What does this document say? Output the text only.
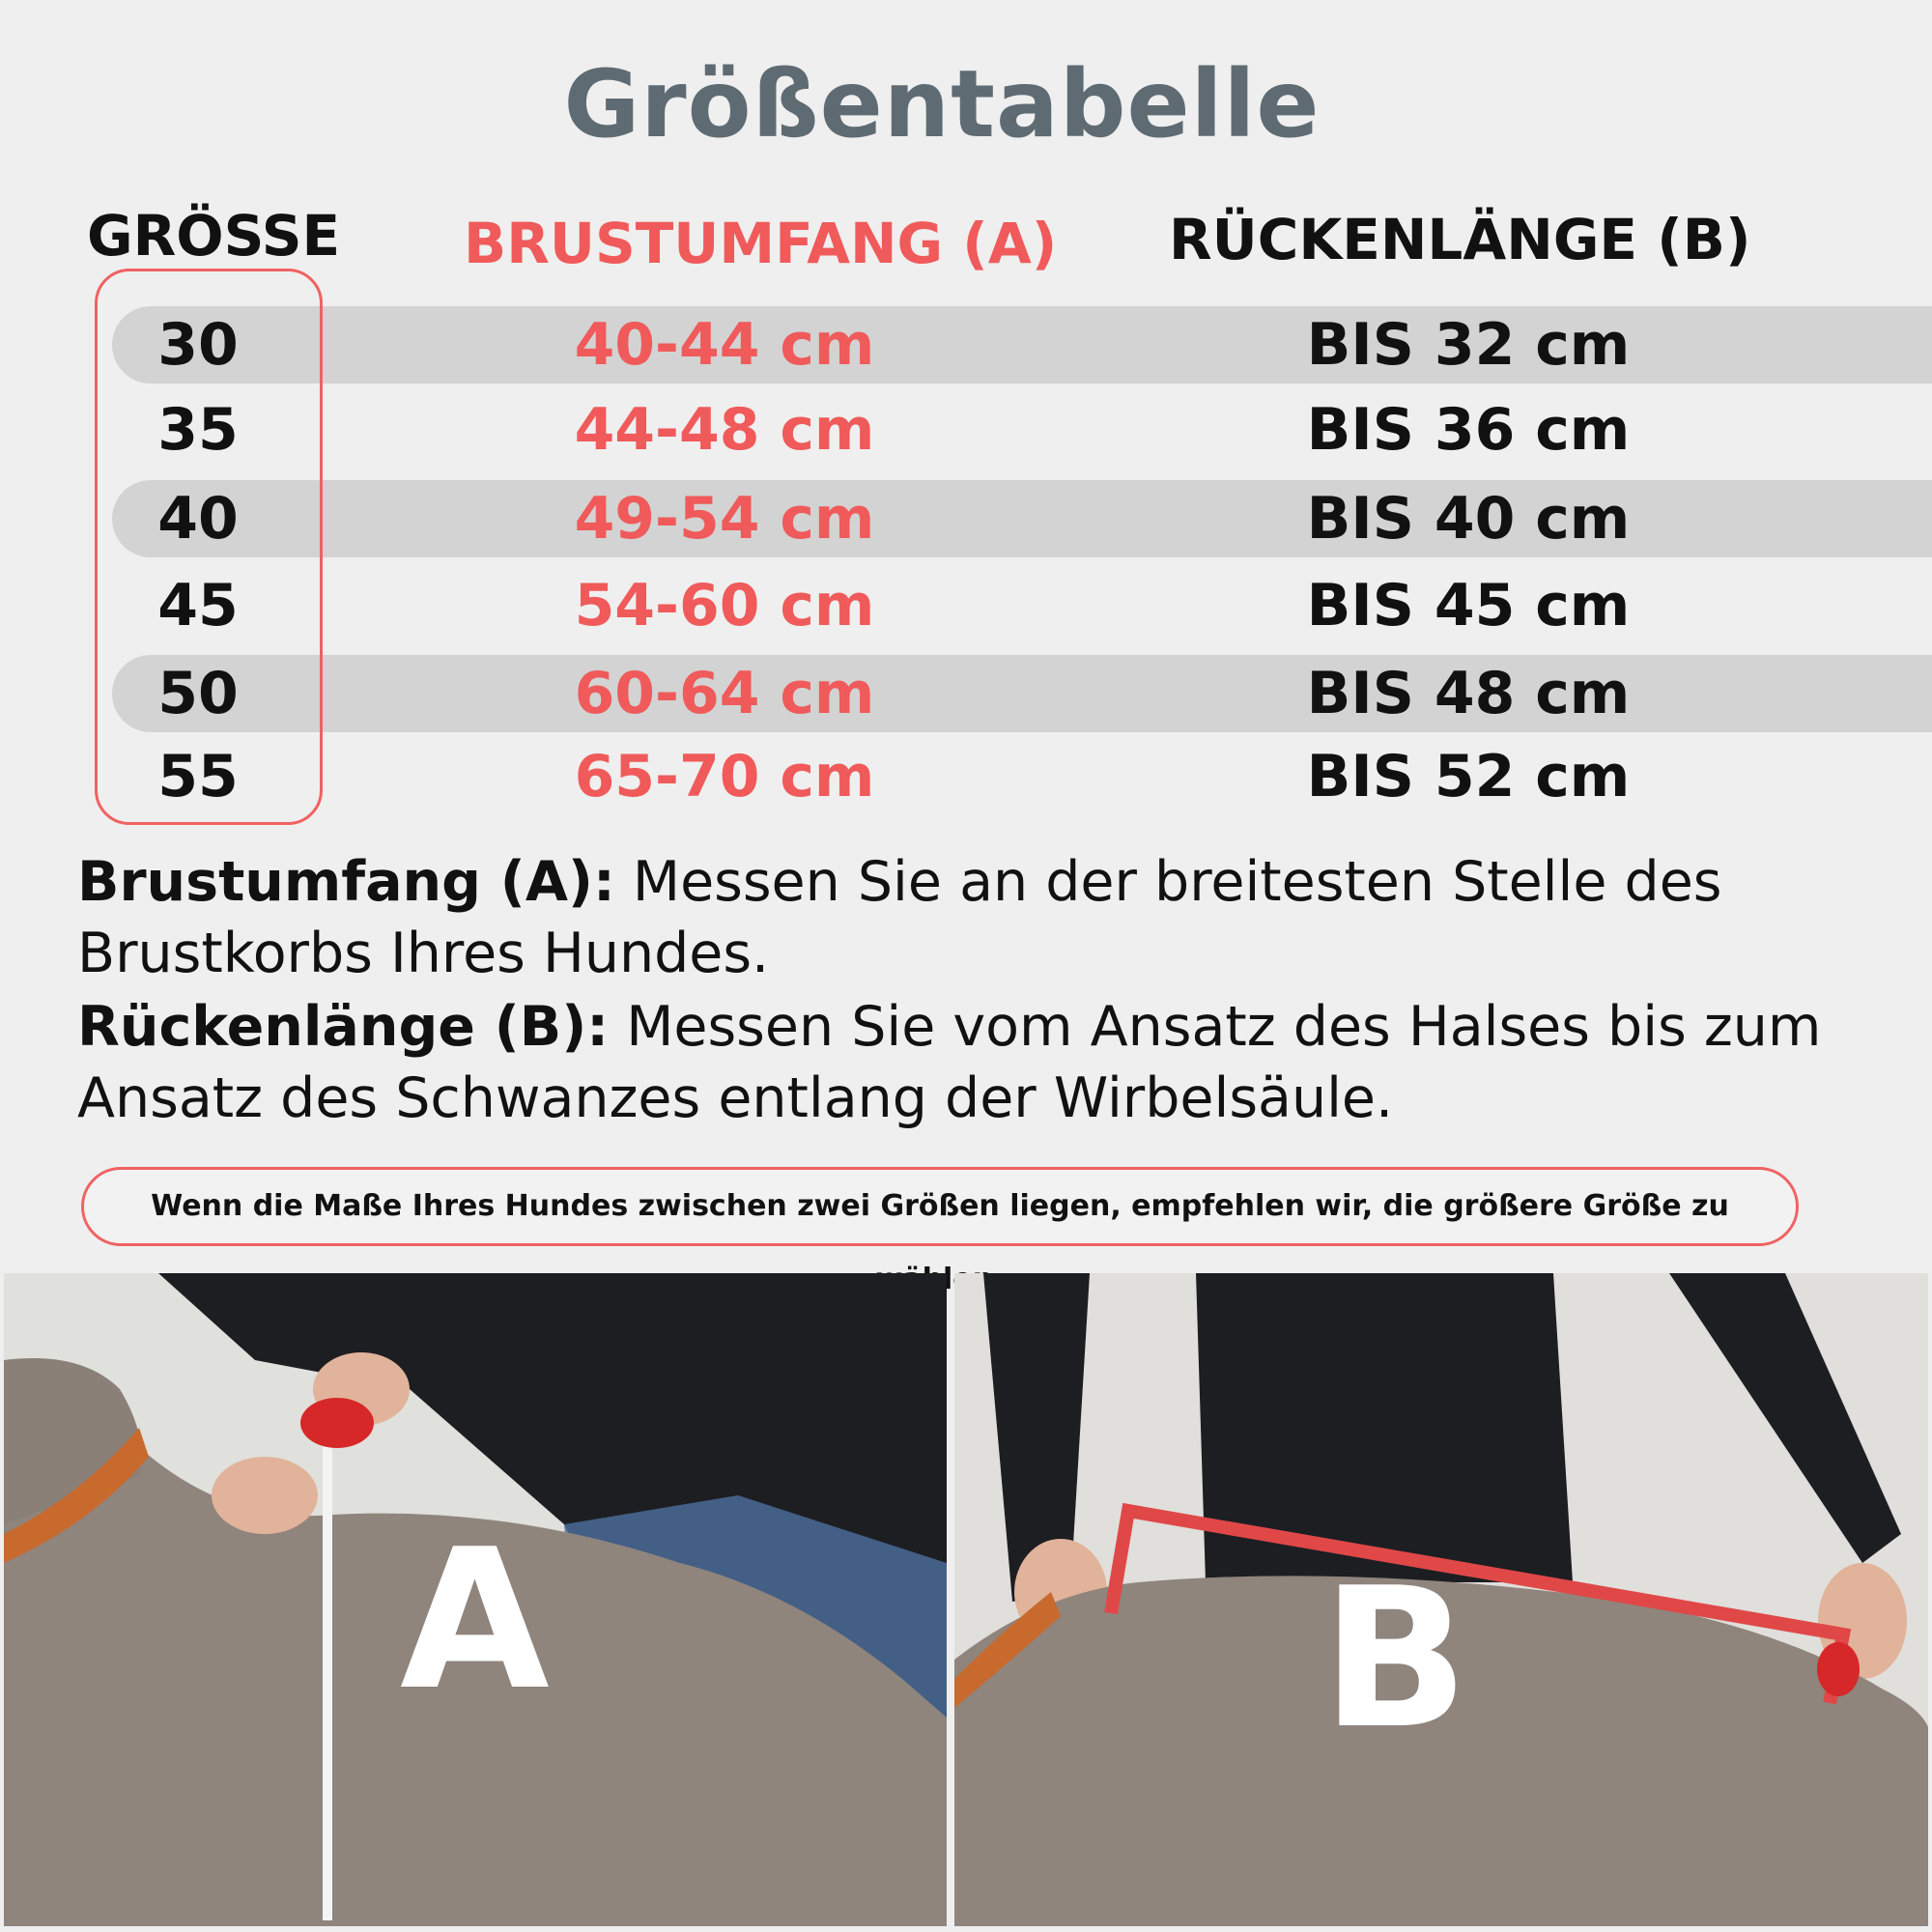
Größentabelle
GRÖSSE BRUSTUMFANG (A) RÜCKENLÄNGE (B)
30	40-44 cm	BIS 32 cm
35	44-48 cm	BIS 36 cm
40	49-54 cm	BIS 40 cm
45	54-60 cm	BIS 45 cm
50	60-64 cm	BIS 48 cm
55	65-70 cm	BIS 52 cm

Brustumfang (A): Messen Sie an der breitesten Stelle des Brustkorbs Ihres Hundes.

Rückenlänge (B): Messen Sie vom Ansatz des Halses bis zum Ansatz des Schwanzes entlang der Wirbelsäule.

Wenn die Maße Ihres Hundes zwischen zwei Größen liegen, empfehlen wir, die größere Größe zu
A	B
